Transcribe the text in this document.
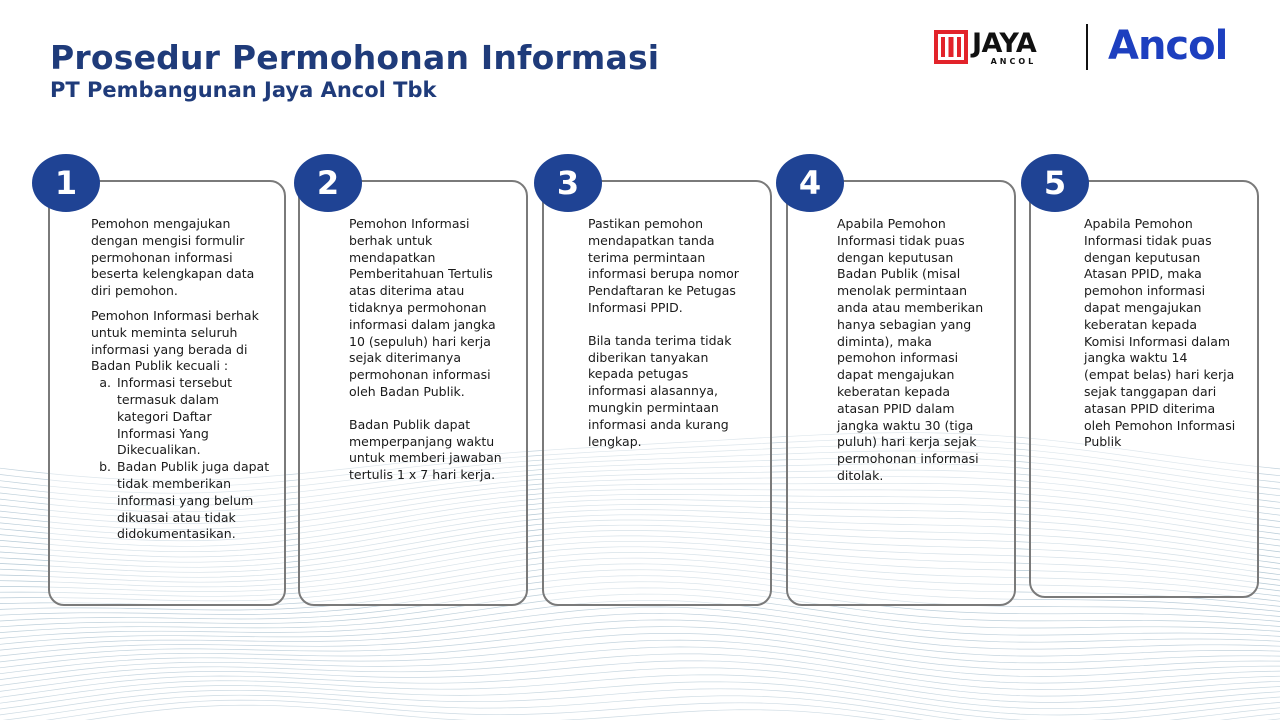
Prosedur Permohonan Informasi
PT Pembangunan Jaya Ancol Tbk
JAYA
ANCOL Ancol
1

Pemohon mengajukan dengan mengisi formulir permohonan informasi beserta kelengkapan data diri pemohon.

Pemohon Informasi berhak untuk meminta seluruh informasi yang berada di Badan Publik kecuali :

a. Informasi tersebut termasuk dalam kategori Daftar Informasi Yang Dikecualikan.
b. Badan Publik juga dapat tidak memberikan informasi yang belum dikuasai atau tidak didokumentasikan.
2

Pemohon Informasi berhak untuk mendapatkan Pemberitahuan Tertulis atas diterima atau tidaknya permohonan informasi dalam jangka 10 (sepuluh) hari kerja sejak diterimanya permohonan informasi oleh Badan Publik.

Badan Publik dapat memperpanjang waktu untuk memberi jawaban tertulis 1 x 7 hari kerja.

3

Pastikan pemohon mendapatkan tanda terima permintaan informasi berupa nomor Pendaftaran ke Petugas Informasi PPID.

Bila tanda terima tidak diberikan tanyakan kepada petugas informasi alasannya, mungkin permintaan informasi anda kurang lengkap.

4

Apabila Pemohon Informasi tidak puas dengan keputusan Badan Publik (misal menolak permintaan anda atau memberikan hanya sebagian yang diminta), maka pemohon informasi dapat mengajukan keberatan kepada atasan PPID dalam jangka waktu 30 (tiga puluh) hari kerja sejak permohonan informasi ditolak.

5

Apabila Pemohon Informasi tidak puas dengan keputusan Atasan PPID, maka pemohon informasi dapat mengajukan keberatan kepada Komisi Informasi dalam jangka waktu 14 (empat belas) hari kerja sejak tanggapan dari atasan PPID diterima oleh Pemohon Informasi Publik
